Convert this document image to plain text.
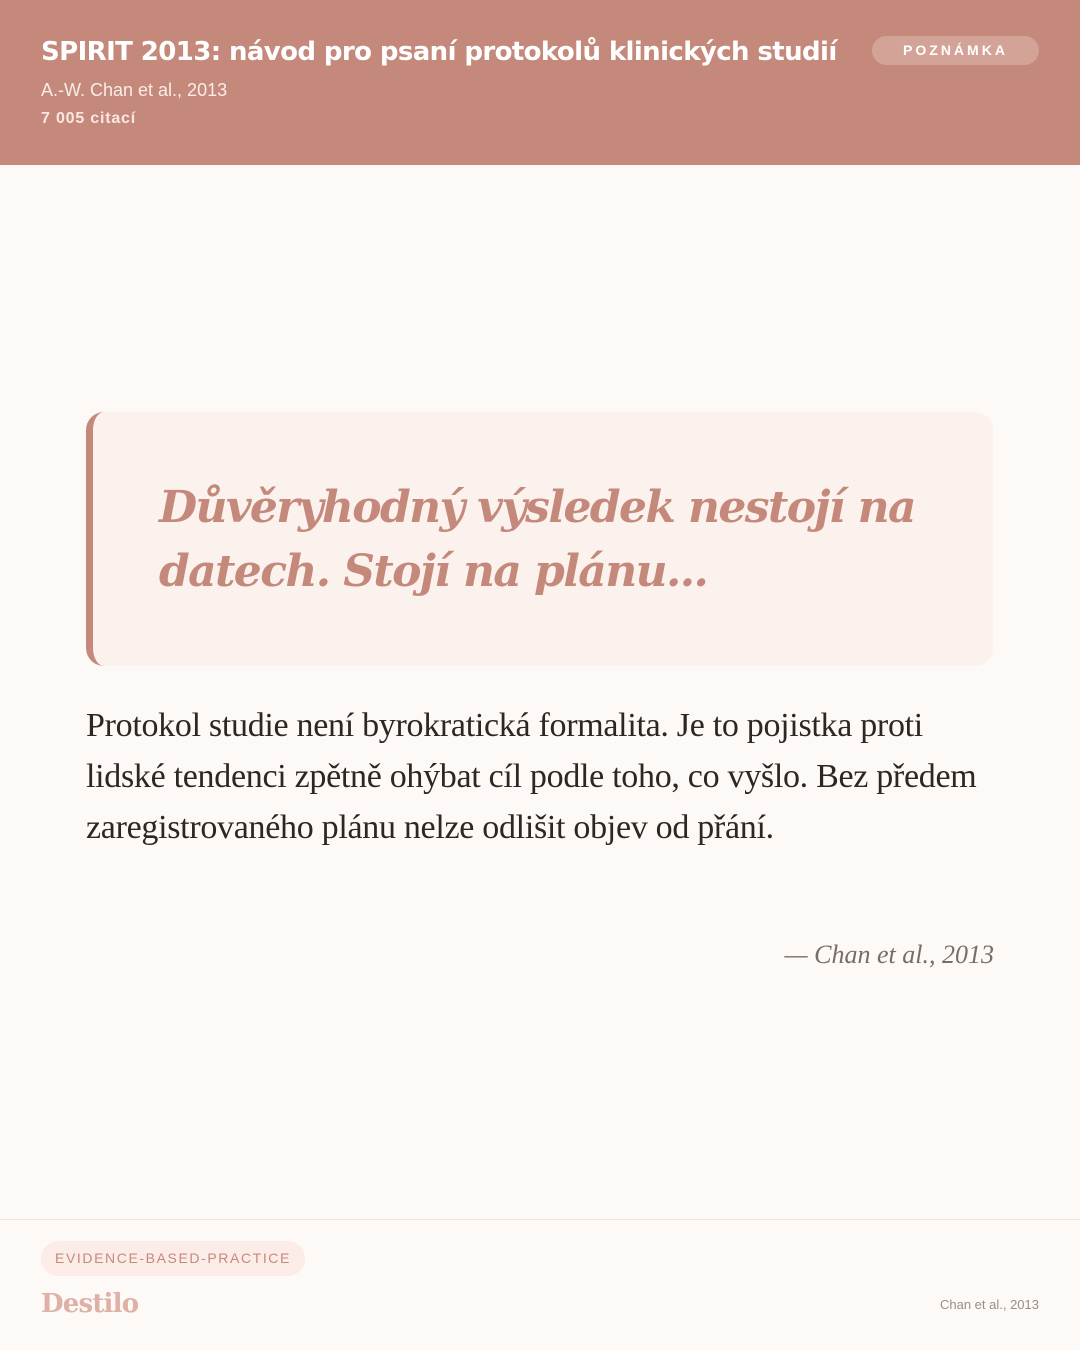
SPIRIT 2013: návod pro psaní protokolů klinických studií
A.-W. Chan et al., 2013
7 005 citací
POZNÁMKA
Důvěryhodný výsledek nestojí na datech. Stojí na plánu...
Protokol studie není byrokratická formalita. Je to pojistka proti lidské tendenci zpětně ohýbat cíl podle toho, co vyšlo. Bez předem zaregistrovaného plánu nelze odlišit objev od přání.
— Chan et al., 2013
EVIDENCE-BASED-PRACTICE
Destilo	Chan et al., 2013
